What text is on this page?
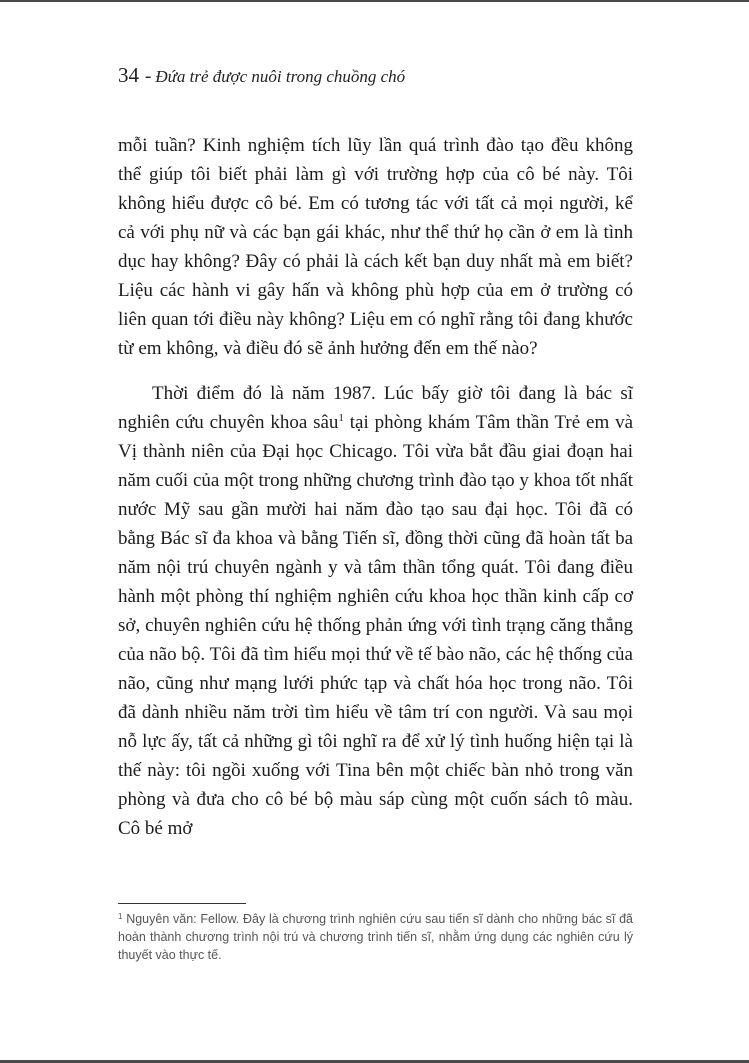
34 - Đứa trẻ được nuôi trong chuồng chó

mỗi tuần? Kinh nghiệm tích lũy lần quá trình đào tạo đều không thể giúp tôi biết phải làm gì với trường hợp của cô bé này. Tôi không hiểu được cô bé. Em có tương tác với tất cả mọi người, kể cả với phụ nữ và các bạn gái khác, như thể thứ họ cần ở em là tình dục hay không? Đây có phải là cách kết bạn duy nhất mà em biết? Liệu các hành vi gây hấn và không phù hợp của em ở trường có liên quan tới điều này không? Liệu em có nghĩ rằng tôi đang khước từ em không, và điều đó sẽ ảnh hưởng đến em thế nào?

Thời điểm đó là năm 1987. Lúc bấy giờ tôi đang là bác sĩ nghiên cứu chuyên khoa sâu$^1$ tại phòng khám Tâm thần Trẻ em và Vị thành niên của Đại học Chicago. Tôi vừa bắt đầu giai đoạn hai năm cuối của một trong những chương trình đào tạo y khoa tốt nhất nước Mỹ sau gần mười hai năm đào tạo sau đại học. Tôi đã có bằng Bác sĩ đa khoa và bằng Tiến sĩ, đồng thời cũng đã hoàn tất ba năm nội trú chuyên ngành y và tâm thần tổng quát. Tôi đang điều hành một phòng thí nghiệm nghiên cứu khoa học thần kinh cấp cơ sở, chuyên nghiên cứu hệ thống phản ứng với tình trạng căng thẳng của não bộ. Tôi đã tìm hiểu mọi thứ về tế bào não, các hệ thống của não, cũng như mạng lưới phức tạp và chất hóa học trong não. Tôi đã dành nhiều năm trời tìm hiểu về tâm trí con người. Và sau mọi nỗ lực ấy, tất cả những gì tôi nghĩ ra để xử lý tình huống hiện tại là thế này: tôi ngồi xuống với Tina bên một chiếc bàn nhỏ trong văn phòng và đưa cho cô bé bộ màu sáp cùng một cuốn sách tô màu. Cô bé mở

$^1$ Nguyên văn: Fellow. Đây là chương trình nghiên cứu sau tiến sĩ dành cho những bác sĩ đã hoàn thành chương trình nội trú và chương trình tiến sĩ, nhằm ứng dụng các nghiên cứu lý thuyết vào thực tế.
